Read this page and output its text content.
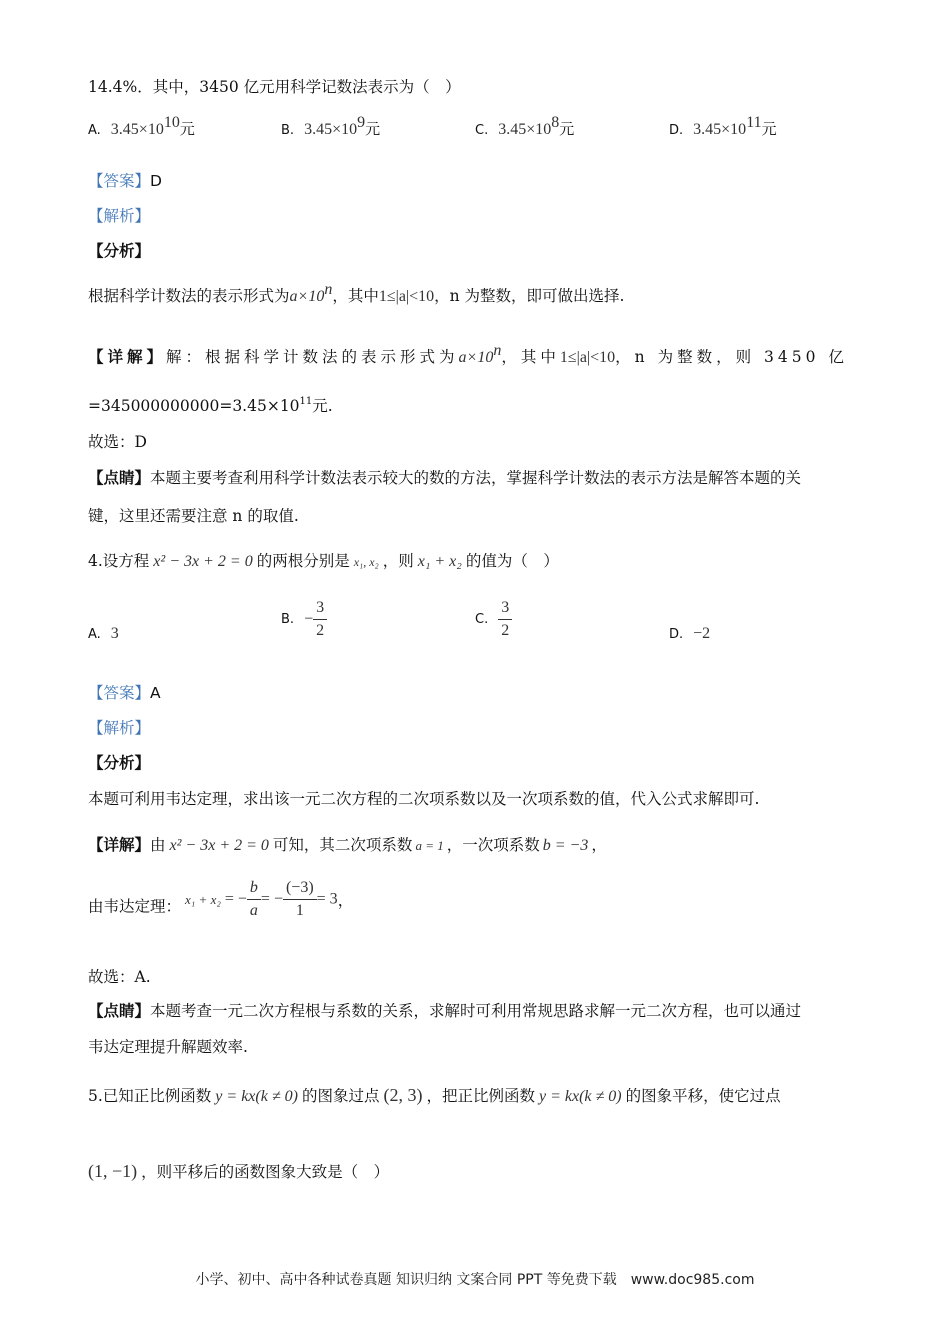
14.4%．其中，3450 亿元用科学记数法表示为（　）
A. $3.45\times 10^{10}$元	B. $3.45\times 10^9$元	C. $3.45\times 10^8$元	D. $3.45\times 10^{11}$元
【答案】D
【解析】
【分析】
根据科学计数法的表示形式为$a\times 10^n$，其中1≤|a|<10，n 为整数，即可做出选择.
【详解】解：根据科学计数法的表示形式为$a\times 10^n$，其中1≤|a|<10，n 为整数，则 3450 亿
$=345000000000=3.45\times 10^{11}$元.
故选：D
【点睛】本题主要考查利用科学计数法表示较大的数的方法，掌握科学计数法的表示方法是解答本题的关
键，这里还需要注意 n 的取值.
4.设方程 x² − 3x + 2 = 0 的两根分别是 x₁, x₂ ，则 x₁ + x₂ 的值为（　）
A. 3
B. − $\frac{3}{2}$	C. $\frac{3}{2}$	D. −2
【答案】A
【解析】
【分析】
本题可利用韦达定理，求出该一元二次方程的二次项系数以及一次项系数的值，代入公式求解即可.
【详解】由 x² − 3x + 2 = 0 可知，其二次项系数 a = 1 ，一次项系数 b = −3 ，
由韦达定理： x₁ + x₂ = − $\frac{b}{a}$ = − $\frac{(-3)}{1} = 3$，
故选：A.
【点睛】本题考查一元二次方程根与系数的关系，求解时可利用常规思路求解一元二次方程，也可以通过
韦达定理提升解题效率.
5.已知正比例函数 y = kx(k ≠ 0) 的图象过点 (2, 3) ，把正比例函数 y = kx(k ≠ 0) 的图象平移，使它过点
(1, −1) ，则平移后的函数图象大致是（　）
小学、初中、高中各种试卷真题 知识归纳 文案合同 PPT 等免费下载　www.doc985.com
